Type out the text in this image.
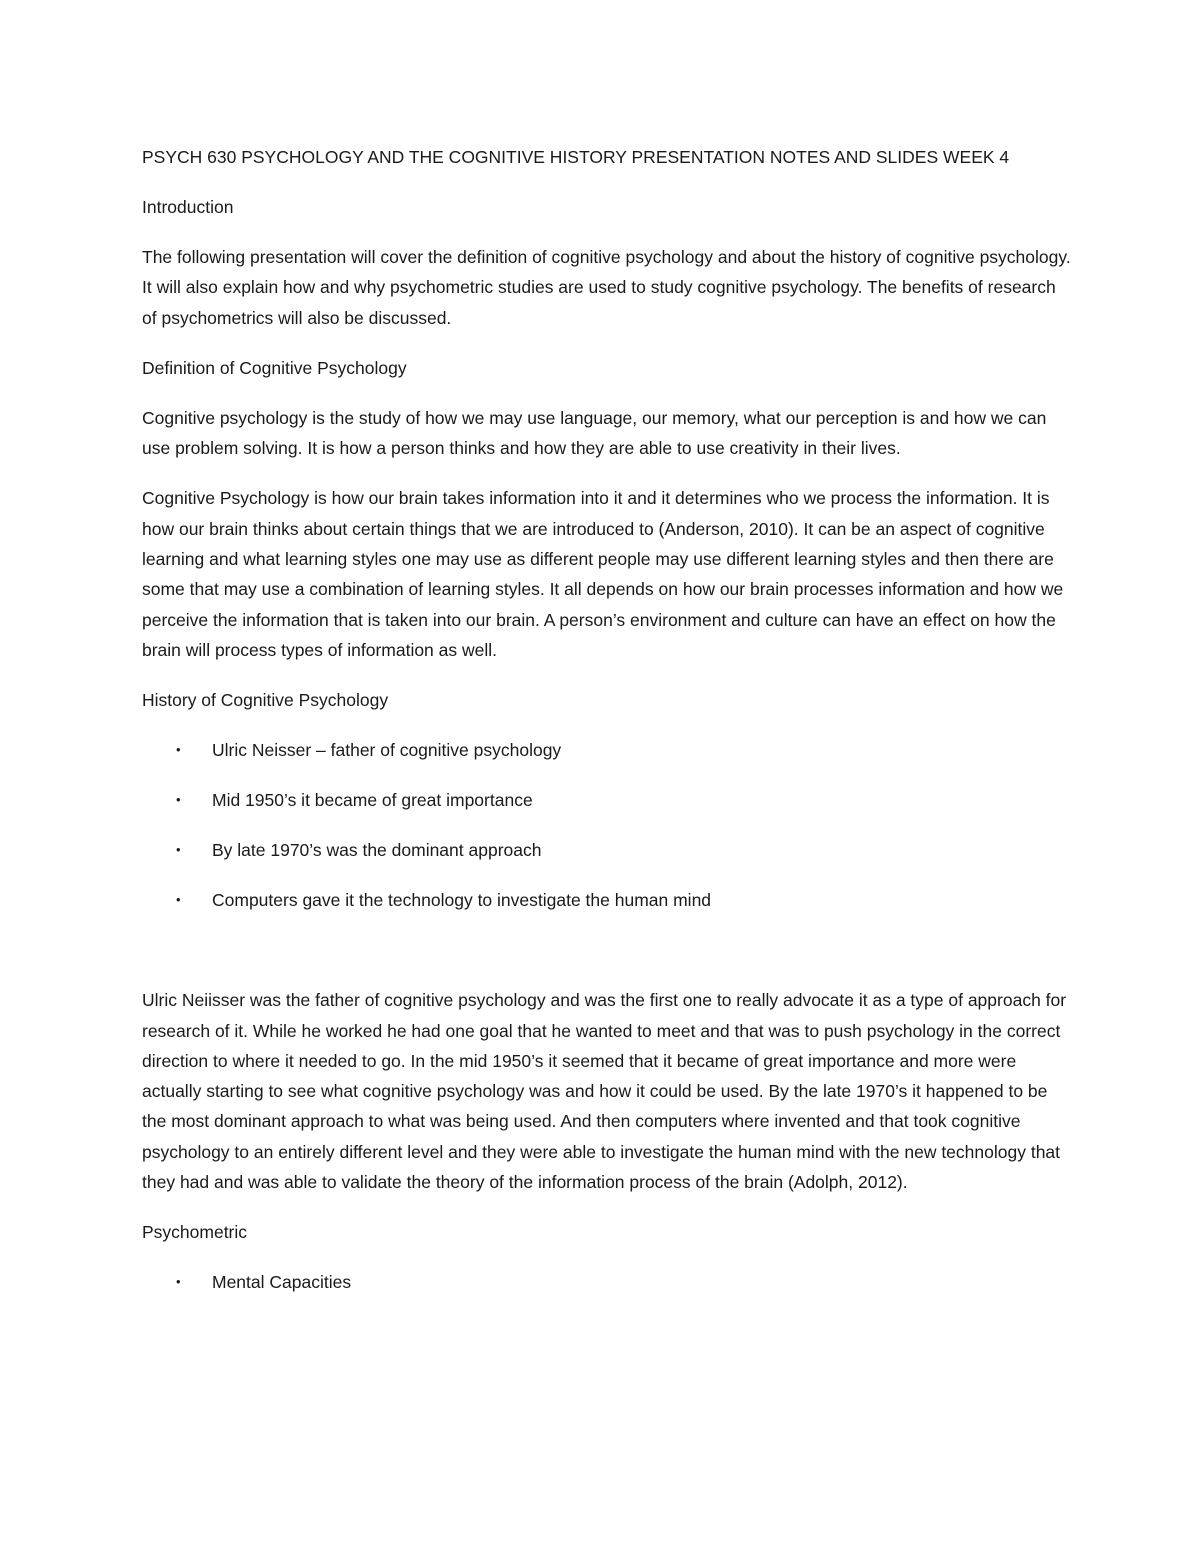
PSYCH 630 PSYCHOLOGY AND THE COGNITIVE HISTORY PRESENTATION NOTES AND SLIDES WEEK 4

Introduction

The following presentation will cover the definition of cognitive psychology and about the history of cognitive psychology. It will also explain how and why psychometric studies are used to study cognitive psychology. The benefits of research of psychometrics will also be discussed.

Definition of Cognitive Psychology

Cognitive psychology is the study of how we may use language, our memory, what our perception is and how we can use problem solving. It is how a person thinks and how they are able to use creativity in their lives.

Cognitive Psychology is how our brain takes information into it and it determines who we process the information. It is how our brain thinks about certain things that we are introduced to (Anderson, 2010). It can be an aspect of cognitive learning and what learning styles one may use as different people may use different learning styles and then there are some that may use a combination of learning styles. It all depends on how our brain processes information and how we perceive the information that is taken into our brain. A person’s environment and culture can have an effect on how the brain will process types of information as well.

History of Cognitive Psychology

•	Ulric Neisser – father of cognitive psychology
•	Mid 1950’s it became of great importance
•	By late 1970’s was the dominant approach
•	Computers gave it the technology to investigate the human mind

Ulric Neiisser was the father of cognitive psychology and was the first one to really advocate it as a type of approach for research of it. While he worked he had one goal that he wanted to meet and that was to push psychology in the correct direction to where it needed to go. In the mid 1950’s it seemed that it became of great importance and more were actually starting to see what cognitive psychology was and how it could be used. By the late 1970’s it happened to be the most dominant approach to what was being used. And then computers where invented and that took cognitive psychology to an entirely different level and they were able to investigate the human mind with the new technology that they had and was able to validate the theory of the information process of the brain (Adolph, 2012).

Psychometric

•	Mental Capacities
